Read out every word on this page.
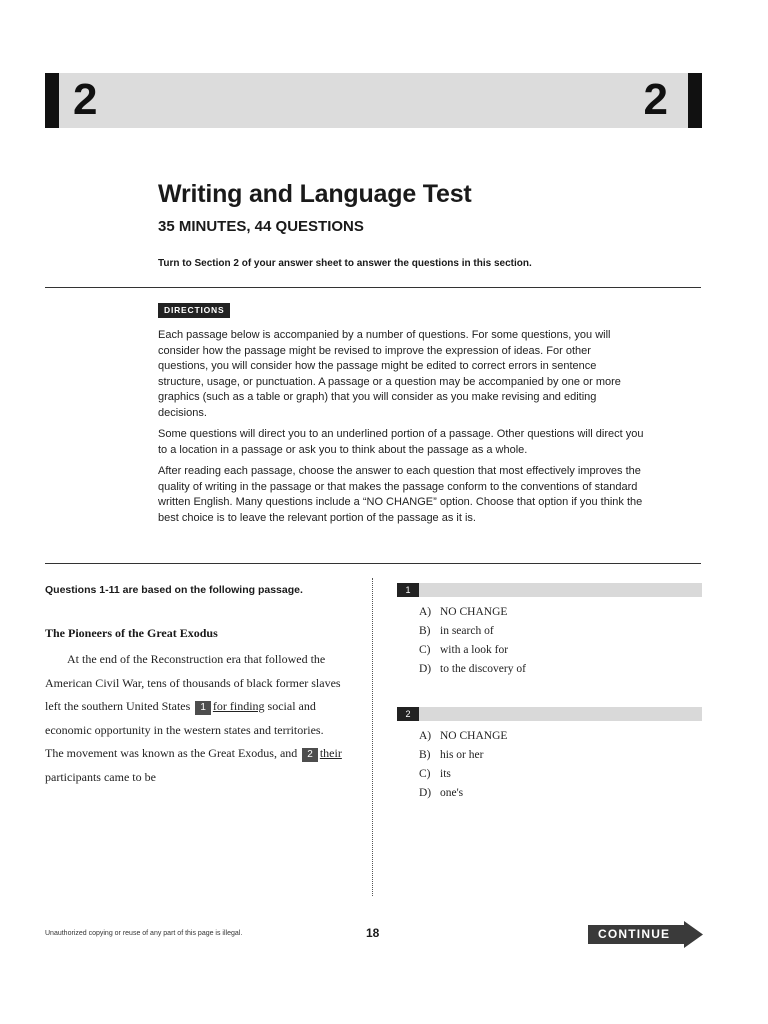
2	2
Writing and Language Test
35 MINUTES, 44 QUESTIONS

Turn to Section 2 of your answer sheet to answer the questions in this section.

DIRECTIONS

Each passage below is accompanied by a number of questions. For some questions, you will consider how the passage might be revised to improve the expression of ideas. For other questions, you will consider how the passage might be edited to correct errors in sentence structure, usage, or punctuation. A passage or a question may be accompanied by one or more graphics (such as a table or graph) that you will consider as you make revising and editing decisions.

Some questions will direct you to an underlined portion of a passage. Other questions will direct you to a location in a passage or ask you to think about the passage as a whole.

After reading each passage, choose the answer to each question that most effectively improves the quality of writing in the passage or that makes the passage conform to the conventions of standard written English. Many questions include a “NO CHANGE” option. Choose that option if you think the best choice is to leave the relevant portion of the passage as it is.

Questions 1-11 are based on the following passage.

The Pioneers of the Great Exodus

At the end of the Reconstruction era that followed the American Civil War, tens of thousands of black former slaves left the southern United States 1 for finding social and economic opportunity in the western states and territories. The movement was known as the Great Exodus, and 2 their participants came to be

1
A) NO CHANGE
B) in search of
C) with a look for
D) to the discovery of
2
A) NO CHANGE
B) his or her
C) its
D) one's
Unauthorized copying or reuse of any part of this page is illegal.	18	CONTINUE
